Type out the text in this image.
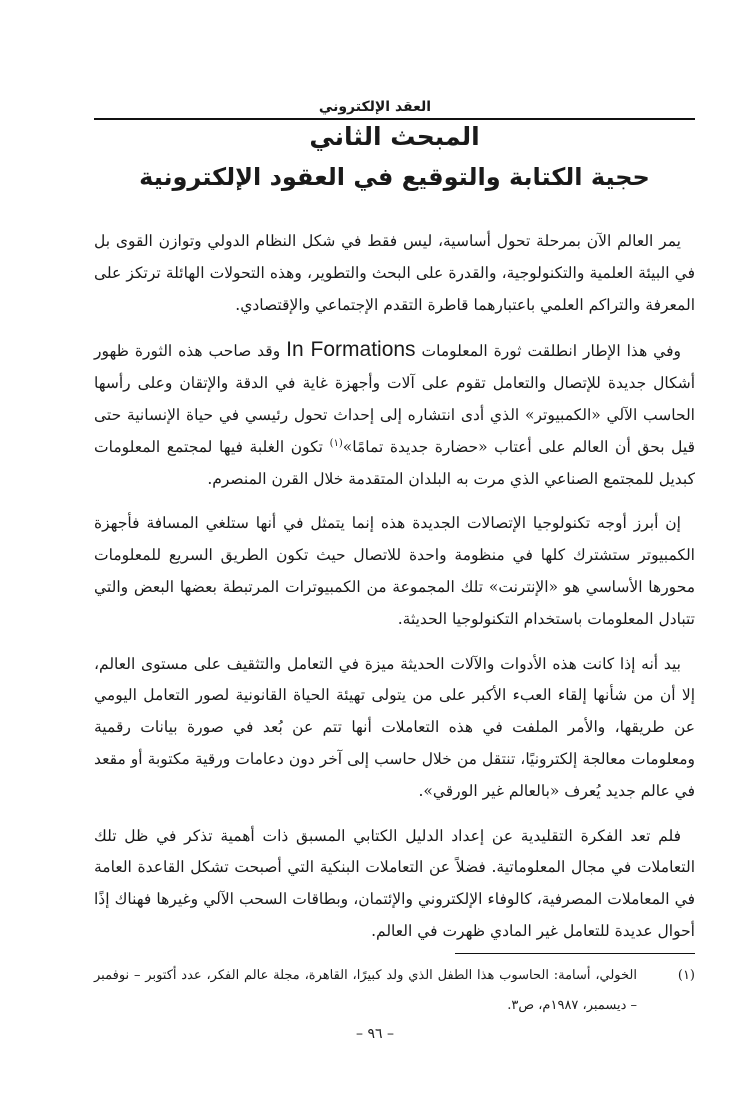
العقد الإلكتروني
المبحث الثاني
حجية الكتابة والتوقيع في العقود الإلكترونية

يمر العالم الآن بمرحلة تحول أساسية، ليس فقط في شكل النظام الدولي وتوازن القوى بل في البيئة العلمية والتكنولوجية، والقدرة على البحث والتطوير، وهذه التحولات الهائلة ترتكز على المعرفة والتراكم العلمي باعتبارهما قاطرة التقدم الإجتماعي والإقتصادي.

وفي هذا الإطار انطلقت ثورة المعلومات In Formations وقد صاحب هذه الثورة ظهور أشكال جديدة للإتصال والتعامل تقوم على آلات وأجهزة غاية في الدقة والإتقان وعلى رأسها الحاسب الآلي «الكمبيوتر» الذي أدى انتشاره إلى إحداث تحول رئيسي في حياة الإنسانية حتى قيل بحق أن العالم على أعتاب «حضارة جديدة تمامًا»$^{(١)}$ تكون الغلبة فيها لمجتمع المعلومات كبديل للمجتمع الصناعي الذي مرت به البلدان المتقدمة خلال القرن المنصرم.

إن أبرز أوجه تكنولوجيا الإتصالات الجديدة هذه إنما يتمثل في أنها ستلغي المسافة فأجهزة الكمبيوتر ستشترك كلها في منظومة واحدة للاتصال حيث تكون الطريق السريع للمعلومات محورها الأساسي هو «الإنترنت» تلك المجموعة من الكمبيوترات المرتبطة بعضها البعض والتي تتبادل المعلومات باستخدام التكنولوجيا الحديثة.

بيد أنه إذا كانت هذه الأدوات والآلات الحديثة ميزة في التعامل والتثقيف على مستوى العالم، إلا أن من شأنها إلقاء العبء الأكبر على من يتولى تهيئة الحياة القانونية لصور التعامل اليومي عن طريقها، والأمر الملفت في هذه التعاملات أنها تتم عن بُعد في صورة بيانات رقمية ومعلومات معالجة إلكترونيًا، تنتقل من خلال حاسب إلى آخر دون دعامات ورقية مكتوبة أو مقعد في عالم جديد يُعرف «بالعالم غير الورقي».

فلم تعد الفكرة التقليدية عن إعداد الدليل الكتابي المسبق ذات أهمية تذكر في ظل تلك التعاملات في مجال المعلوماتية. فضلاً عن التعاملات البنكية التي أصبحت تشكل القاعدة العامة في المعاملات المصرفية، كالوفاء الإلكتروني والإئتمان، وبطاقات السحب الآلي وغيرها فهناك إذًا أحوال عديدة للتعامل غير المادي ظهرت في العالم.

(١)
الخولي، أسامة: الحاسوب هذا الطفل الذي ولد كبيرًا، القاهرة، مجلة عالم الفكر، عدد أكتوبر – نوفمبر – ديسمبر، ١٩٨٧م، ص٣.
– ٩٦ –
